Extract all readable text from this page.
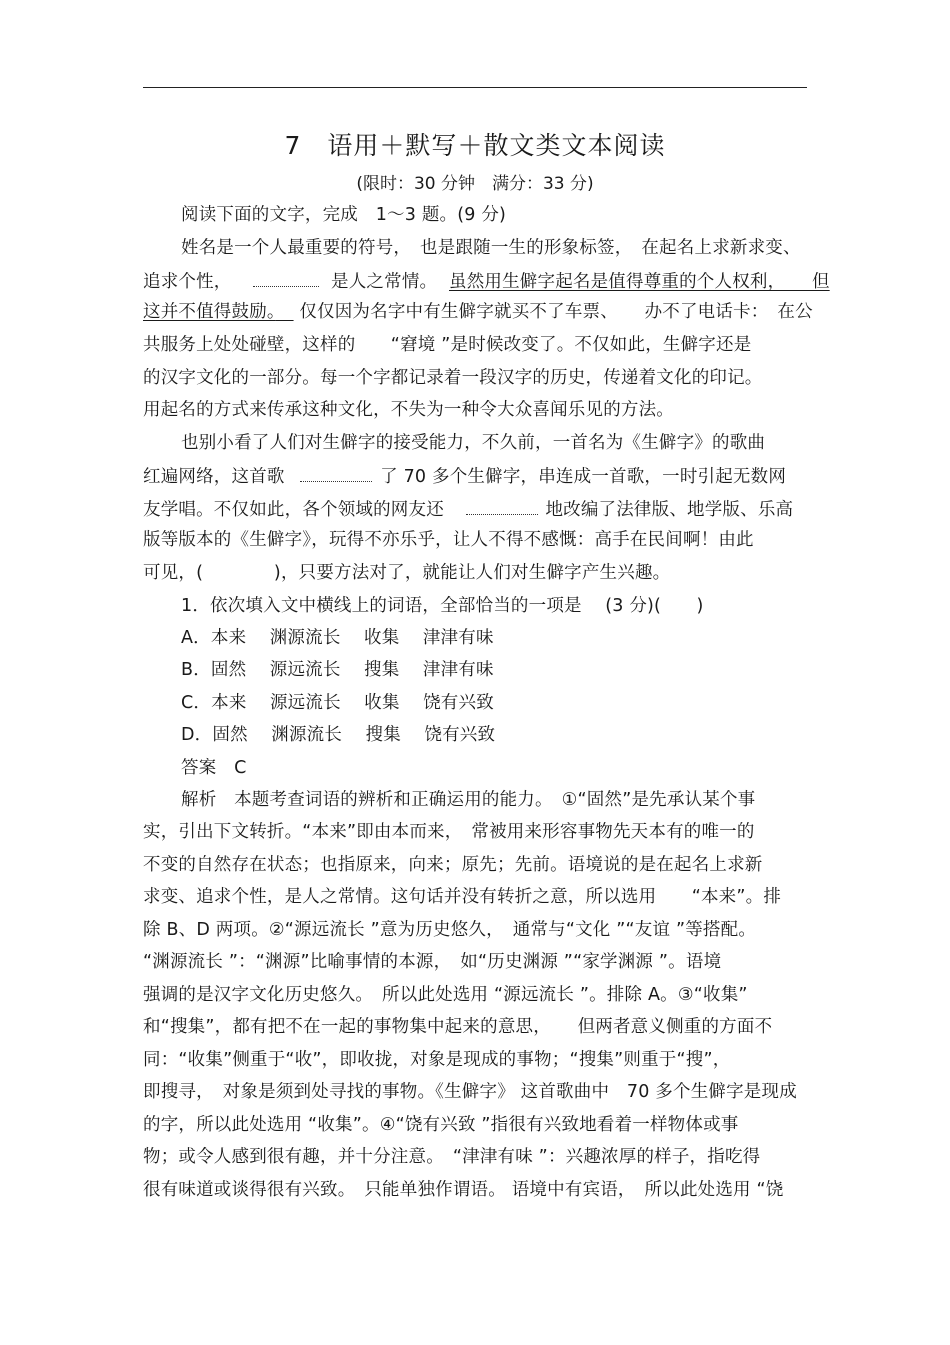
7　语用＋默写＋散文类文本阅读
(限时：30 分钟　满分：33 分)
阅读下面的文字，完成　1～3 题。(9 分)
姓名是一个人最重要的符号，　也是跟随一生的形象标签，　在起名上求新求变、
追求个性，	是人之常情。 虽然用生僻字起名是值得尊重的个人权利，　　但
这并不值得鼓励。　 仅仅因为名字中有生僻字就买不了车票、　　办不了电话卡：　在公
共服务上处处碰壁，这样的　　“窘境 ”是时候改变了。不仅如此，生僻字还是
的汉字文化的一部分。每一个字都记录着一段汉字的历史，传递着文化的印记。
用起名的方式来传承这种文化，不失为一种令大众喜闻乐见的方法。
也别小看了人们对生僻字的接受能力，不久前，一首名为《生僻字》的歌曲
红遍网络，这首歌	了 70 多个生僻字，串连成一首歌，一时引起无数网
友学唱。不仅如此，各个领域的网友还	地改编了法律版、地学版、乐高
版等版本的《生僻字》，玩得不亦乐乎，让人不得不感慨：高手在民间啊！由此
可见，(　　　　)，只要方法对了，就能让人们对生僻字产生兴趣。
1．依次填入文中横线上的词语，全部恰当的一项是　 (3 分)(　　)
A．本来　 渊源流长　 收集　 津津有味
B．固然　 源远流长　 搜集　 津津有味
C．本来　 源远流长　 收集　 饶有兴致
D．固然　 渊源流长　 搜集　 饶有兴致
答案　C
解析　本题考查词语的辨析和正确运用的能力。　①“固然”是先承认某个事
实，引出下文转折。“本来”即由本而来，　常被用来形容事物先天本有的唯一的
不变的自然存在状态；也指原来，向来；原先；先前。语境说的是在起名上求新
求变、追求个性，是人之常情。这句话并没有转折之意，所以选用　　“本来”。排
除 B、D 两项。②“源远流长 ”意为历史悠久，　通常与“文化 ”“友谊 ”等搭配。
“渊源流长 ”：“渊源”比喻事情的本源，　如“历史渊源 ”“家学渊源 ”。语境
强调的是汉字文化历史悠久。　所以此处选用 “源远流长 ”。排除 A。③“收集”
和“搜集”，都有把不在一起的事物集中起来的意思，　　但两者意义侧重的方面不
同：“收集”侧重于“收”，即收拢，对象是现成的事物；“搜集”则重于“搜”，
即搜寻，　对象是须到处寻找的事物。《生僻字》 这首歌曲中　70 多个生僻字是现成
的字，所以此处选用 “收集”。④“饶有兴致 ”指很有兴致地看着一样物体或事
物；或令人感到很有趣，并十分注意。　“津津有味 ”：兴趣浓厚的样子，指吃得
很有味道或谈得很有兴致。　只能单独作谓语。 语境中有宾语，　所以此处选用 “饶
